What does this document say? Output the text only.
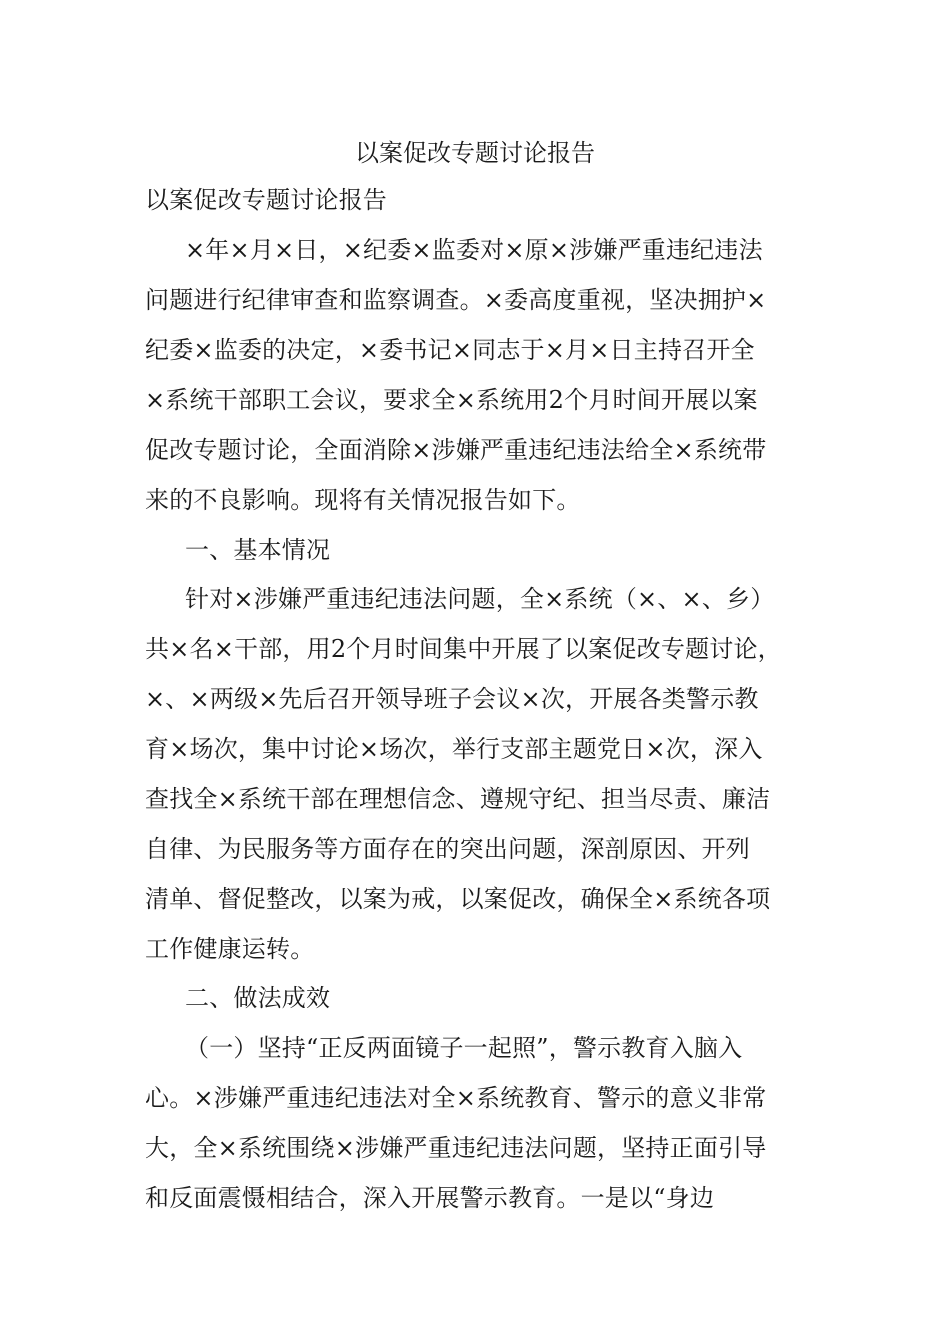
以案促改专题讨论报告
以案促改专题讨论报告
×年×月×日，×纪委×监委对×原×涉嫌严重违纪违法
问题进行纪律审查和监察调查。×委高度重视，坚决拥护×
纪委×监委的决定，×委书记×同志于×月×日主持召开全
×系统干部职工会议，要求全×系统用2个月时间开展以案
促改专题讨论，全面消除×涉嫌严重违纪违法给全×系统带
来的不良影响。现将有关情况报告如下。
一、基本情况
针对×涉嫌严重违纪违法问题，全×系统（×、×、乡）
共×名×干部，用2个月时间集中开展了以案促改专题讨论，
×、×两级×先后召开领导班子会议×次，开展各类警示教
育×场次，集中讨论×场次，举行支部主题党日×次，深入
查找全×系统干部在理想信念、遵规守纪、担当尽责、廉洁
自律、为民服务等方面存在的突出问题，深剖原因、开列
清单、督促整改，以案为戒，以案促改，确保全×系统各项
工作健康运转。
二、做法成效
（一）坚持“正反两面镜子一起照”，警示教育入脑入
心。×涉嫌严重违纪违法对全×系统教育、警示的意义非常
大，全×系统围绕×涉嫌严重违纪违法问题，坚持正面引导
和反面震慑相结合，深入开展警示教育。一是以“身边
